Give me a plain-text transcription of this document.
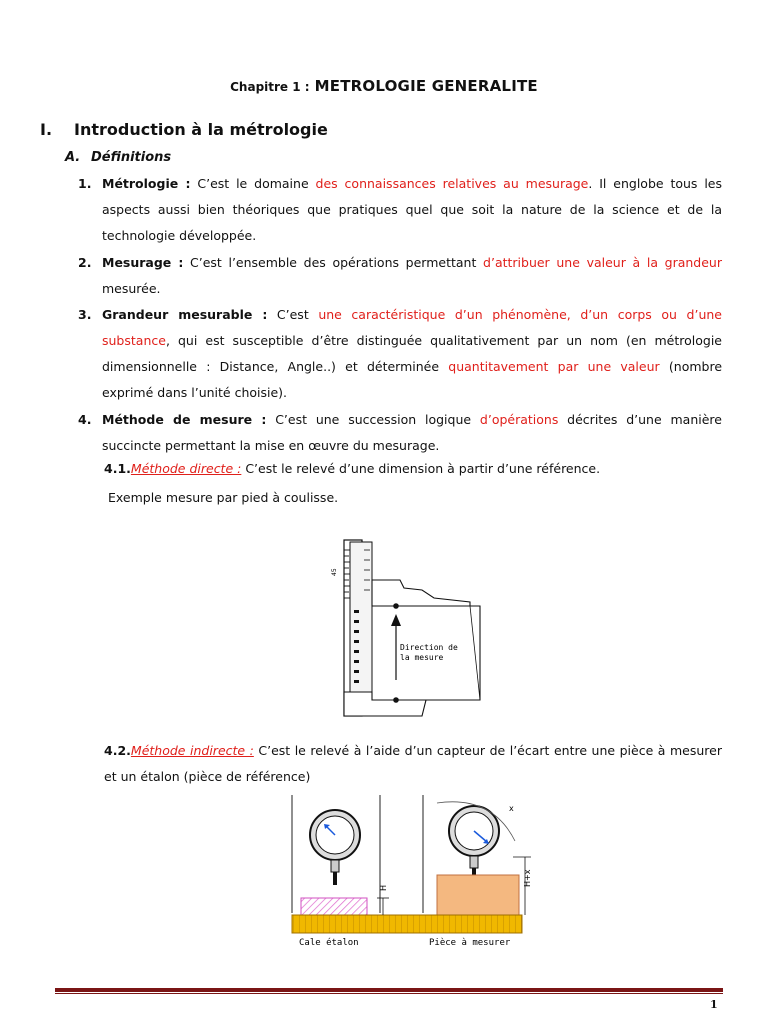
Chapitre 1 : METROLOGIE GENERALITE
I. Introduction à la métrologie
A. Définitions
1. Métrologie : C’est le domaine des connaissances relatives au mesurage. Il englobe tous les aspects aussi bien théoriques que pratiques quel que soit la nature de la science et de la technologie développée.
2. Mesurage : C’est l’ensemble des opérations permettant d’attribuer une valeur à la grandeur mesurée.
3. Grandeur mesurable : C’est une caractéristique d’un phénomène, d’un corps ou d’une substance, qui est susceptible d’être distinguée qualitativement par un nom (en métrologie dimensionnelle : Distance, Angle..) et déterminée quantitavement par une valeur (nombre exprimé dans l’unité choisie).
4. Méthode de mesure : C’est une succession logique d’opérations décrites d’une manière succincte permettant la mise en œuvre du mesurage.
4.1.Méthode directe : C’est le relevé d’une dimension à partir d’une référence.
Exemple mesure par pied à coulisse.
45
Direction de
la mesure
4.2.Méthode indirecte : C’est le relevé à l’aide d’un capteur de l’écart entre une pièce à mesurer et un étalon (pièce de référence)
x
H
H+x
Cale étalon	Pièce à mesurer
1
